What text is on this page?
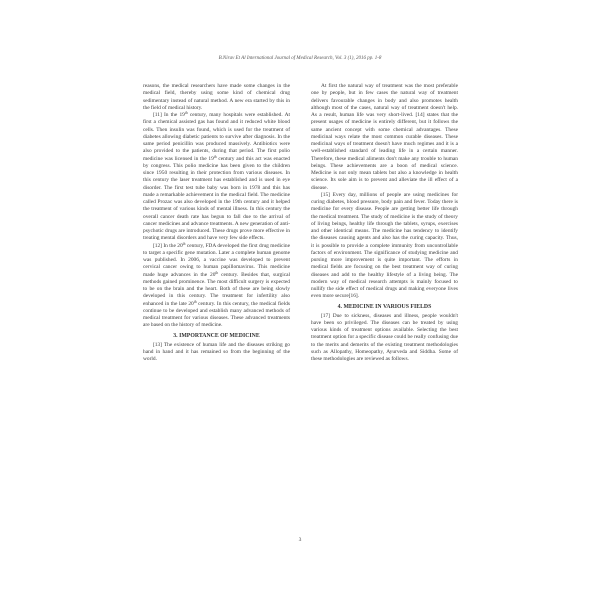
B.Nirav Et Al International Journal of Medical Research, Vol. 3 (1), 2016 pp. 1-8

reasons, the medical researchers have made some changes in the medical field, thereby using some kind of chemical drug sedimentary instead of natural method. A new era started by this in the field of medical history.

[11] In the 19th century, many hospitals were established. At first a chemical assisted gas has found and it reduced white blood cells. Then insulin was found, which is used for the treatment of diabetes allowing diabetic patients to survive after diagnosis. In the same period penicillin was produced massively. Antibiotics were also provided to the patients, during that period. The first polio medicine was licensed in the 19th century and this act was enacted by congress. This polio medicine has been given to the children since 1950 resulting in their protection from various diseases. In this century the laser treatment has established and is used in eye disorder. The first test tube baby was born in 1978 and this has made a remarkable achievement in the medical field. The medicine called Prozac was also developed in the 19th century and it helped the treatment of various kinds of mental illness. In this century the overall cancer death rate has begun to fall due to the arrival of cancer medicines and advance treatments. A new generation of anti-psychotic drugs are introduced. These drugs prove more effective in treating mental disorders and have very few side effects.

[12] In the 20th century, FDA developed the first drug medicine to target a specific gene mutation. Later a complete human genome was published. In 2006, a vaccine was developed to prevent cervical cancer owing to human papillomavirus. This medicine made huge advances in the 20th century. Besides that, surgical methods gained prominence. The most difficult surgery is expected to be on the brain and the heart. Both of these are being slowly developed in this century. The treatment for infertility also enhanced in the late 20th century. In this century, the medical fields continue to be developed and establish many advanced methods of medical treatment for various diseases. These advanced treatments are based on the history of medicine.

3. IMPORTANCE OF MEDICINE

[13] The existence of human life and the diseases striking go hand in hand and it has remained so from the beginning of the world.

At first the natural way of treatment was the most preferable one by people, but in few cases the natural way of treatment delivers favourable changes in body and also promotes health although most of the cases, natural way of treatment doesn't help. As a result, human life was very short-lived. [14] states that the present usages of medicine is entirely different, but it follows the same ancient concept with some chemical advantages. These medicinal ways relate the most common curable diseases. These medicinal ways of treatment doesn't have much regimes and it is a well-established standard of leading life in a certain manner. Therefore, these medical aliments don't make any trouble to human beings. These achievements are a boon of medical science. Medicine is not only mean tablets but also a knowledge in health science. Its sole aim is to prevent and alleviate the ill effect of a disease.

[15] Every day, millions of people are using medicines for curing diabetes, blood pressure, body pain and fever. Today there is medicine for every disease. People are getting better life through the medical treatment. The study of medicine is the study of theory of living beings, healthy life through the tablets, syrups, exercises and other identical means. The medicine has tendency to identify the diseases causing agents and also has the curing capacity. Thus, it is possible to provide a complete immunity from uncontrollable factors of environment. The significance of studying medicine and pursing more improvement is quite important. The efforts in medical fields are focusing on the best treatment way of curing diseases and add to the healthy lifestyle of a living being. The modern way of medical research attempts is mainly focused to nullify the side effect of medical drugs and making everyone lives even more secure[16].

4. MEDICINE IN VARIOUS FIELDS

[17] Due to sickness, diseases and illness, people wouldn't have been so privileged. The diseases can be treated by using various kinds of treatment options available. Selecting the best treatment option for a specific disease could be really confusing due to the merits and demerits of the existing treatment methodologies such as Allopathy, Homeopathy, Ayurveda and Siddha. Some of these methodologies are reviewed as follows.

3
